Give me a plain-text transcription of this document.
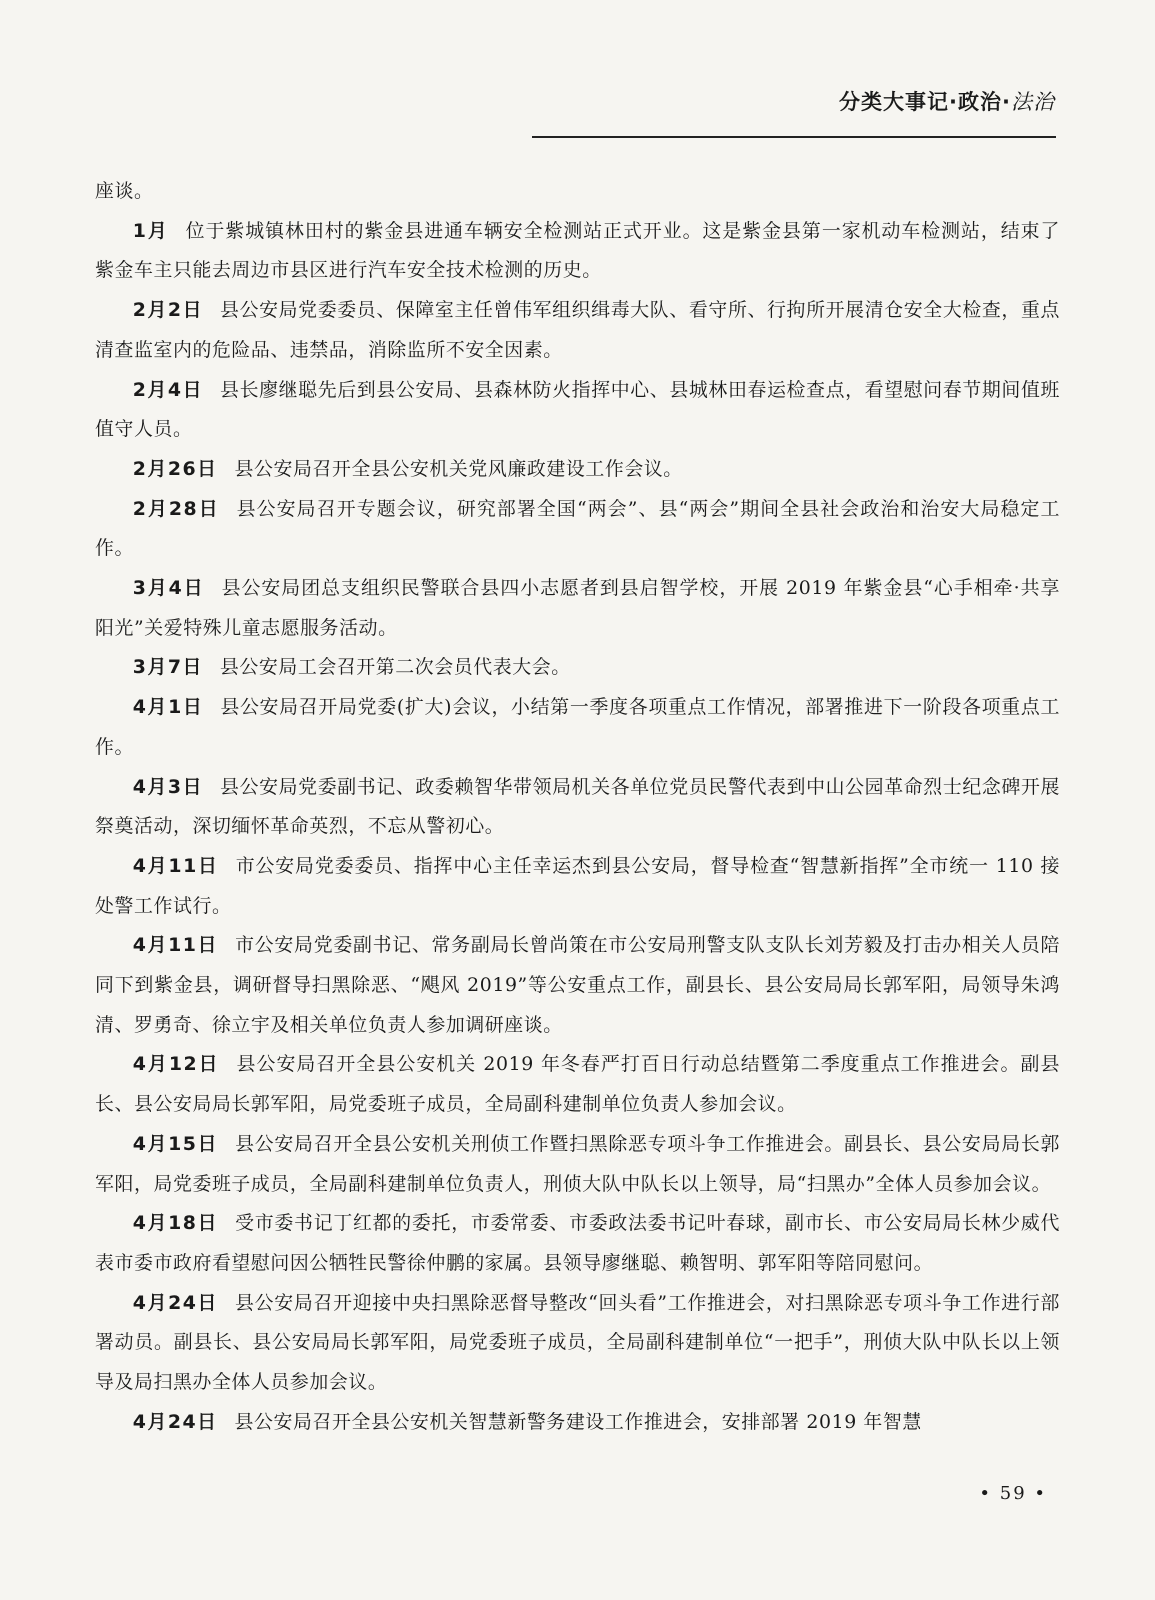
分类大事记·政治·法治

座谈。

1月 位于紫城镇林田村的紫金县进通车辆安全检测站正式开业。这是紫金县第一家机动车检测站，结束了紫金车主只能去周边市县区进行汽车安全技术检测的历史。

2月2日 县公安局党委委员、保障室主任曾伟军组织缉毒大队、看守所、行拘所开展清仓安全大检查，重点清查监室内的危险品、违禁品，消除监所不安全因素。

2月4日 县长廖继聪先后到县公安局、县森林防火指挥中心、县城林田春运检查点，看望慰问春节期间值班值守人员。

2月26日 县公安局召开全县公安机关党风廉政建设工作会议。

2月28日 县公安局召开专题会议，研究部署全国“两会”、县“两会”期间全县社会政治和治安大局稳定工作。

3月4日 县公安局团总支组织民警联合县四小志愿者到县启智学校，开展 2019 年紫金县“心手相牵·共享阳光”关爱特殊儿童志愿服务活动。

3月7日 县公安局工会召开第二次会员代表大会。

4月1日 县公安局召开局党委(扩大)会议，小结第一季度各项重点工作情况，部署推进下一阶段各项重点工作。

4月3日 县公安局党委副书记、政委赖智华带领局机关各单位党员民警代表到中山公园革命烈士纪念碑开展祭奠活动，深切缅怀革命英烈，不忘从警初心。

4月11日 市公安局党委委员、指挥中心主任幸运杰到县公安局，督导检查“智慧新指挥”全市统一 110 接处警工作试行。

4月11日 市公安局党委副书记、常务副局长曾尚策在市公安局刑警支队支队长刘芳毅及打击办相关人员陪同下到紫金县，调研督导扫黑除恶、“飓风 2019”等公安重点工作，副县长、县公安局局长郭军阳，局领导朱鸿清、罗勇奇、徐立宇及相关单位负责人参加调研座谈。

4月12日 县公安局召开全县公安机关 2019 年冬春严打百日行动总结暨第二季度重点工作推进会。副县长、县公安局局长郭军阳，局党委班子成员，全局副科建制单位负责人参加会议。

4月15日 县公安局召开全县公安机关刑侦工作暨扫黑除恶专项斗争工作推进会。副县长、县公安局局长郭军阳，局党委班子成员，全局副科建制单位负责人，刑侦大队中队长以上领导，局“扫黑办”全体人员参加会议。

4月18日 受市委书记丁红都的委托，市委常委、市委政法委书记叶春球，副市长、市公安局局长林少威代表市委市政府看望慰问因公牺牲民警徐仲鹏的家属。县领导廖继聪、赖智明、郭军阳等陪同慰问。

4月24日 县公安局召开迎接中央扫黑除恶督导整改“回头看”工作推进会，对扫黑除恶专项斗争工作进行部署动员。副县长、县公安局局长郭军阳，局党委班子成员，全局副科建制单位“一把手”，刑侦大队中队长以上领导及局扫黑办全体人员参加会议。

4月24日 县公安局召开全县公安机关智慧新警务建设工作推进会，安排部署 2019 年智慧

• 59 •
